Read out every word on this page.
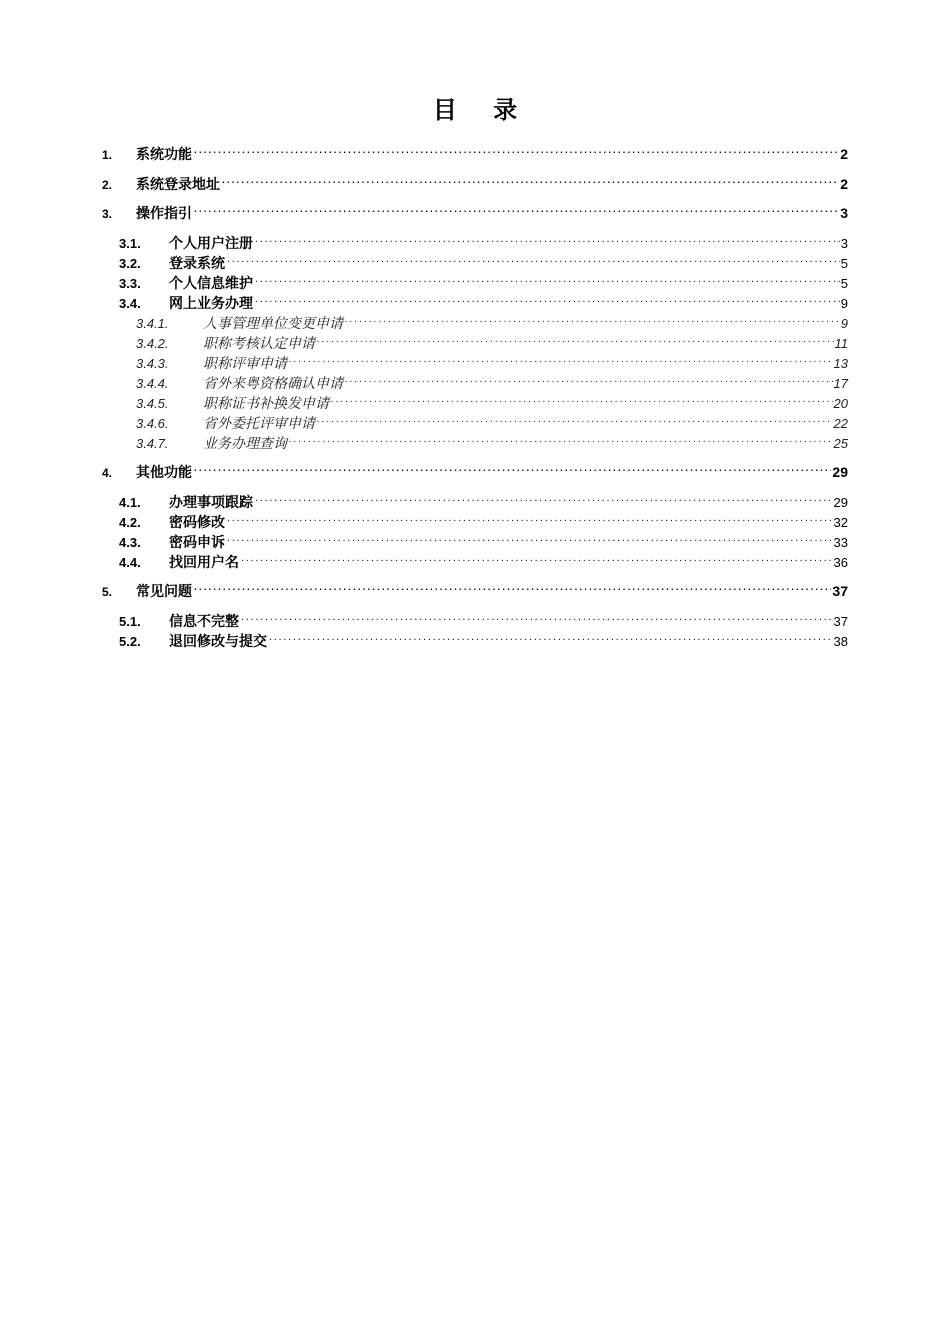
目 录
1.	系统功能 .....	2
2.	系统登录地址 .....	2
3.	操作指引 .....	3
3.1.	个人用户注册 .....	3
3.2.	登录系统 .....	5
3.3.	个人信息维护 .....	5
3.4.	网上业务办理 .....	9
3.4.1.	人事管理单位变更申请 .....	9
3.4.2.	职称考核认定申请 .....	11
3.4.3.	职称评审申请 .....	13
3.4.4.	省外来粤资格确认申请 .....	17
3.4.5.	职称证书补换发申请 .....	20
3.4.6.	省外委托评审申请 .....	22
3.4.7.	业务办理查询 .....	25
4.	其他功能 .....	29
4.1.	办理事项跟踪 .....	29
4.2.	密码修改 .....	32
4.3.	密码申诉 .....	33
4.4.	找回用户名 .....	36
5.	常见问题 .....	37
5.1.	信息不完整 .....	37
5.2.	退回修改与提交 .....	38
